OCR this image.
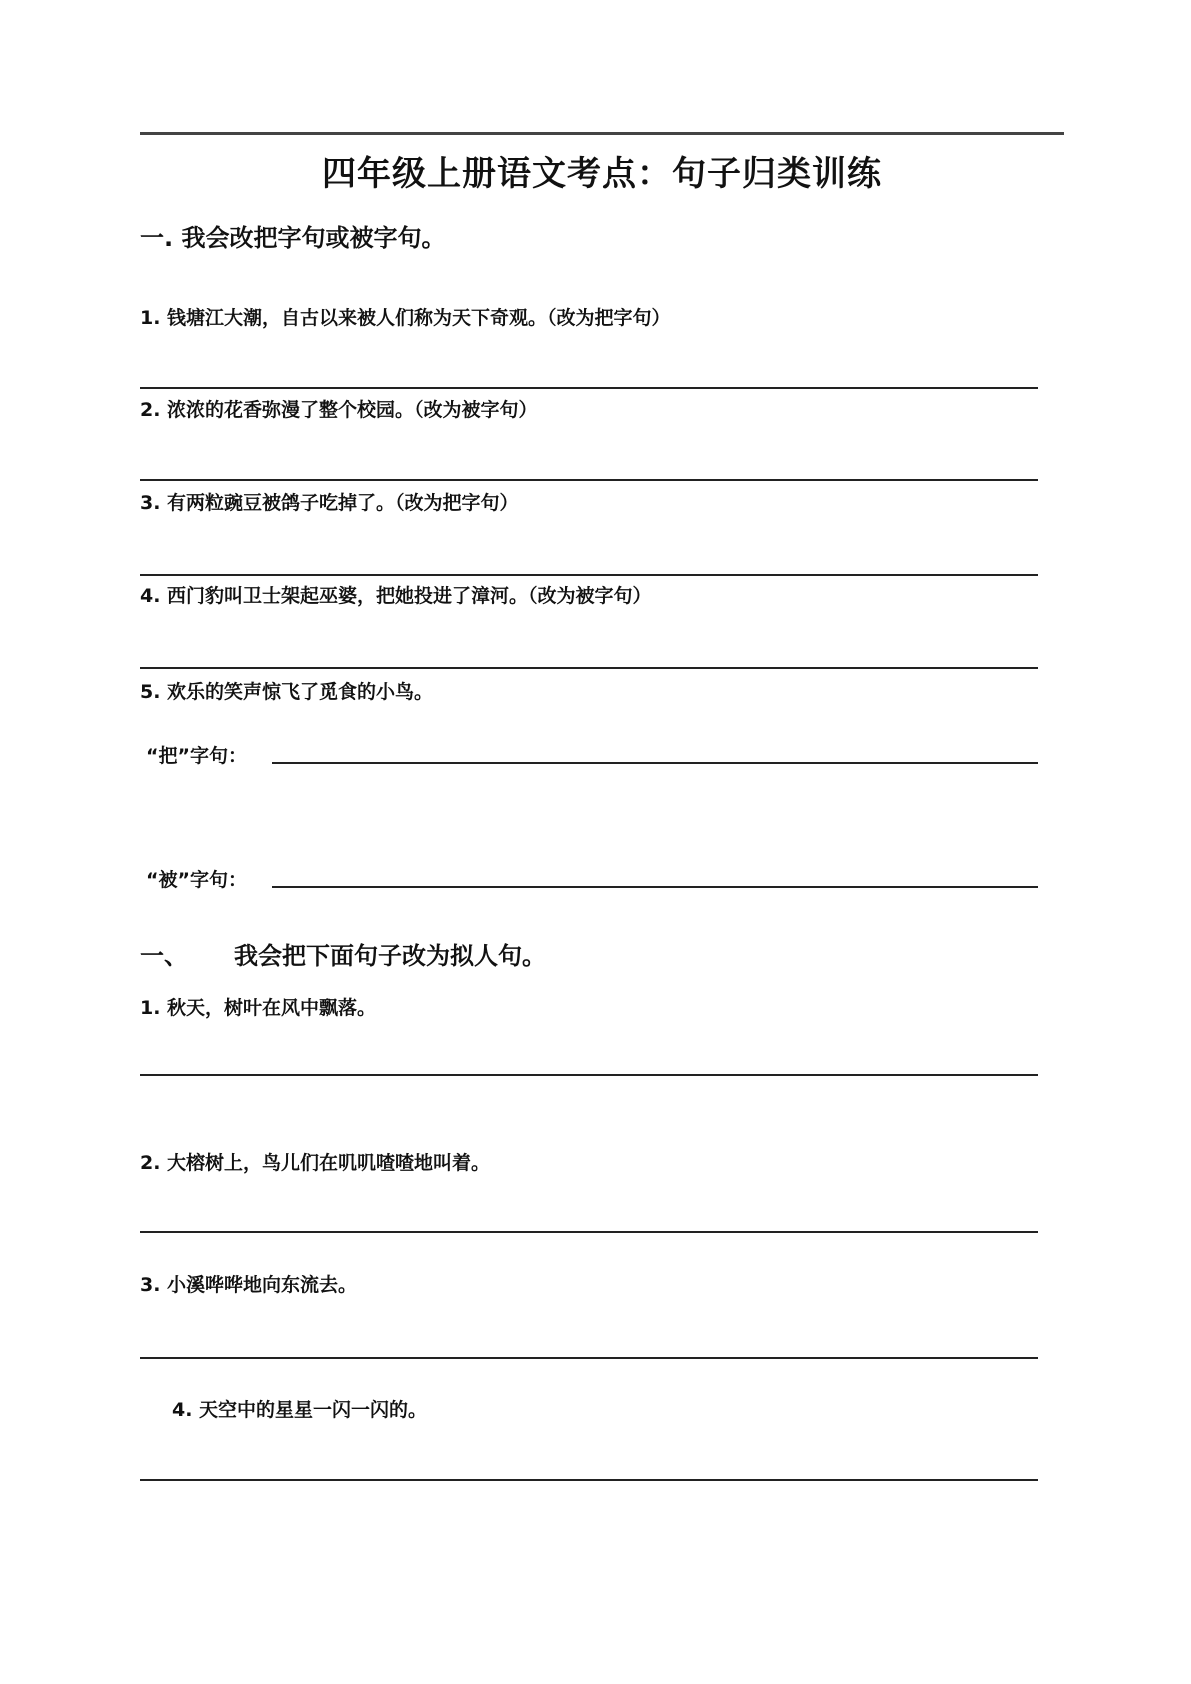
四年级上册语文考点：句子归类训练
一. 我会改把字句或被字句。
1. 钱塘江大潮，自古以来被人们称为天下奇观。（改为把字句）
2. 浓浓的花香弥漫了整个校园。（改为被字句）
3. 有两粒豌豆被鸽子吃掉了。（改为把字句）
4. 西门豹叫卫士架起巫婆，把她投进了漳河。（改为被字句）
5. 欢乐的笑声惊飞了觅食的小鸟。
“把”字句：
“被”字句：
一、 我会把下面句子改为拟人句。
1. 秋天，树叶在风中飘落。
2. 大榕树上，鸟儿们在叽叽喳喳地叫着。
3. 小溪哗哗地向东流去。
4. 天空中的星星一闪一闪的。
